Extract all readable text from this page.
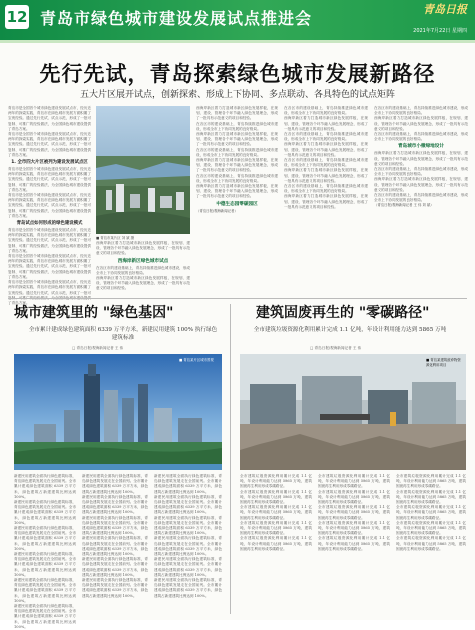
12 青岛市绿色城市建设发展试点推进会	青岛日报
2021年7月22日 星期四
先行先试，青岛探索绿色城市发展新路径
五大片区展开试点，创新探索、形成上下协同、多点联动、各具特色的试点矩阵

青岛市是全国首个城市绿色建设发展试点市，经历近两年的探索实践，青岛市在绿色城市发展方面积累了宝贵经验。通过先行先试、试点示范，形成了一批可复制、可推广的经验做法，为全国绿色城市建设提供了青岛方案。

青岛市是全国首个城市绿色建设发展试点市，经历近两年的探索实践，青岛市在绿色城市发展方面积累了宝贵经验。通过先行先试、试点示范，形成了一批可复制、可推广的经验做法，为全国绿色城市建设提供了青岛方案。

1. 全市四大片区被列为建设发展试点区

青岛市是全国首个城市绿色建设发展试点市，经历近两年的探索实践，青岛市在绿色城市发展方面积累了宝贵经验。通过先行先试、试点示范，形成了一批可复制、可推广的经验做法，为全国绿色城市建设提供了青岛方案。

青岛市是全国首个城市绿色建设发展试点市，经历近两年的探索实践，青岛市在绿色城市发展方面积累了宝贵经验。通过先行先试、试点示范，形成了一批可复制、可推广的经验做法，为全国绿色城市建设提供了青岛方案。

青岛试点如何形成的绿色建设模式

青岛市是全国首个城市绿色建设发展试点市，经历近两年的探索实践，青岛市在绿色城市发展方面积累了宝贵经验。通过先行先试、试点示范，形成了一批可复制、可推广的经验做法，为全国绿色城市建设提供了青岛方案。

青岛市是全国首个城市绿色建设发展试点市，经历近两年的探索实践，青岛市在绿色城市发展方面积累了宝贵经验。通过先行先试、试点示范，形成了一批可复制、可推广的经验做法，为全国绿色城市建设提供了青岛方案。

青岛市是全国首个城市绿色建设发展试点市，经历近两年的探索实践，青岛市在绿色城市发展方面积累了宝贵经验。通过先行先试、试点示范，形成了一批可 了青岛方案。

■ 青岛市某片区 刘 斌 摄

西海岸新区着力打造城市新区绿色发展样板，在规划、建设、管理各个环节融入绿色发展理念，形成了一批具有示范意义的项目和经验。

西海岸新区绿色城市试点

在各区市的建设基础上，青岛持续推进绿色城市建设，形成全市上下协同发展的良好格局。

西海岸新区着力打造城市新区绿色发展样板，在规划、建设、管理各个环节融入绿色发展理念，形成了一批具有示范意义的项目和经验。

西海岸新区着力打造城市新区绿色发展样板，在规划、建设、管理各个环节融入绿色发展理念，形成了一批具有示范意义的项目和经验。

在各区市的建设基础上，青岛持续推进绿色城市建设，形成全市上下协同发展的良好格局。

西海岸新区着力打造城市新区绿色发展样板，在规划、建设、管理各个环节融入绿色发展理念，形成了一批具有示范意义的项目和经验。

在各区市的建设基础上，青岛持续推进绿色城市建设，形成全市上下协同发展的良好格局。

西海岸新区着力打造城市新区绿色发展样板，在规划、建设、管理各个环节融入绿色发展理念，形成了一批具有示范意义的项目和经验。

在各区市的建设基础上，青岛持续推进绿色城市建设，形成全市上下协同发展的良好格局。

西海岸新区着力打造城市新区绿色发展样板，在规划、建设、管理各个环节融入绿色发展理念，形成了一批具有示范意义的项目和经验。

中德生态园零碳园区
（青岛日报/观海新闻记者）

在各区市的建设基础上，青岛持续推进绿色城市建设，形成全市上下协同发展的良好格局。

西海岸新区着力打造城市新区绿色发展样板，在规划、建设、管理各个环节融入绿色发展理念，形成了一批具有示范意义的项目和经验。

在各区市的建设基础上，青岛持续推进绿色城市建设，形成全市上下协同发展的良好格局。

西海岸新区着力打造城市新区绿色发展样板，在规划、建设、管理各个环节融入绿色发展理念，形成了一批具有示范意义的项目和经验。

在各区市的建设基础上，青岛持续推进绿色城市建设，形成全市上下协同发展的良好格局。

西海岸新区着力打造城市新区绿色发展样板，在规划、建设、管理各个环节融入绿色发展理念，形成了一批具有示范意义的项目和经验。

在各区市的建设基础上，青岛持续推进绿色城市建设，形成全市上下协同发展的良好格局。

西海岸新区着力打造城市新区绿色发展样板，在规划、建设、管理各个环节融入绿色发展理念，形成了一批具有示范意义的项目和经验。

在各区市的建设基础上，青岛持续推进绿色城市建设，形成全市上下协同发展的良好格局。

西海岸新区着力打造城市新区绿色发展样板，在规划、建设、管理各个环节融入绿色发展理念，形成了一批具有示范意义的项目和经验。

在各区市的建设基础上，青岛持续推进绿色城市建设，形成全市上下协同发展的良好格局。

青岛城市小微绿地设计

西海岸新区着力打造城市新区绿色发展样板，在规划、建设、管理各个环节融入绿色发展理念，形成了一批具有示范意义的项目和经验。

在各区市的建设基础上，青岛持续推进绿色城市建设，形成全市上下协同发展的良好格局。

西海岸新区着力打造城市新区绿色发展样板，在规划、建设、管理各个环节融入绿色发展理念，形成了一批具有示范意义的项目和经验。

在各区市的建设基础上，青岛持续推进绿色城市建设，形成全市上下协同发展的良好格局。

（青岛日报/观海新闻记者 王 伟 刘 斌）
城市建筑里的 "绿色基因"
全市累计建成绿色建筑面积 6339 万平方米，新建民用建筑 100% 执行绿色建筑标准
□ 青岛日报/观海新闻记者 王 伟
■ 青岛某片区城市景观

新建民用建筑全面执行绿色建筑标准，青岛绿色建筑发展走在全国前列。全市累计建成绿色建筑面积 6339 万平方米，绿色建筑占新建建筑比例达到 100%。

新建民用建筑全面执行绿色建筑标准，青岛绿色建筑发展走在全国前列。全市累计建成绿色建筑面积 6339 万平方米，绿色建筑占新建建筑比例达到 100%。

新建民用建筑全面执行绿色建筑标准，青岛绿色建筑发展走在全国前列。全市累计建成绿色建筑面积 6339 万平方米，绿色建筑占新建建筑比例达到 100%。

新建民用建筑全面执行绿色建筑标准，青岛绿色建筑发展走在全国前列。全市累计建成绿色建筑面积 6339 万平方米，绿色建筑占新建建筑比例达到 100%。

新建民用建筑全面执行绿色建筑标准，青岛绿色建筑发展走在全国前列。全市累计建成绿色建筑面积 6339 万平方米，绿色建筑占新建建筑比例达到 100%。

新建民用建筑全面执行绿色建筑标准，青岛绿色建筑发展走在全国前列。全市累计建成绿色建筑面积 6339 万平方米，绿色建筑占新建建筑比例达到 100%。

新建民用建筑全面执行绿色建筑标准，青岛绿色建筑发展走在全国前列。全市累计建成绿色建筑面积 6339 万平方米，绿色建筑占新建建筑比例达到 100%。

新建民用建筑全面执行绿色建筑标准，青岛绿色建筑发展走在全国前列。全市累计建成绿色建筑面积 6339 万平方米，绿色建筑占新建建筑比例达到 100%。

新建民用建筑全面执行绿色建筑标准，青岛绿色建筑发展走在全国前列。全市累计建成绿色建筑面积 6339 万平方米，绿色建筑占新建建筑比例达到 100%。

新建民用建筑全面执行绿色建筑标准，青岛绿色建筑发展走在全国前列。全市累计建成绿色建筑面积 6339 万平方米，绿色建筑占新建建筑比例达到 100%。

新建民用建筑全面执行绿色建筑标准，青岛绿色建筑发展走在全国前列。全市累计建成绿色建筑面积 6339 万平方米，绿色建筑占新建建筑比例达到 100%。

新建民用建筑全面执行绿色建筑标准，青岛绿色建筑发展走在全国前列。全市累计建成绿色建筑面积 6339 万平方米，绿色建筑占新建建筑比例达到 100%。

新建民用建筑全面执行绿色建筑标准，青岛绿色建筑发展走在全国前列。全市累计建成绿色建筑面积 6339 万平方米，绿色建筑占新建建筑比例达到 100%。

新建民用建筑全面执行绿色建筑标准，青岛绿色建筑发展走在全国前列。全市累计建成绿色建筑面积 6339 万平方米，绿色建筑占新建建筑比例达到 100%。

新建民用建筑全面执行绿色建筑标准，青岛绿色建筑发展走在全国前列。全市累计建成绿色建筑面积 6339 万平方米，绿色建筑占新建建筑比例达到 100%。

新建民用建筑全面执行绿色建筑标准，青岛绿色建筑发展走在全国前列。全市累计建成绿色建筑面积 6339 万平方米，绿色建筑占新建建筑比例达到 100%。

新建民用建筑全面执行绿色建筑标准，青岛绿色建筑发展走在全国前列。全市累计建成绿色建筑面积 6339 万平方米，绿色建筑占新建建筑比例达到 100%。

新建民用建筑全面执行绿色建筑标准，青岛绿色建筑发展走在全国前列。全市累计建成绿色建筑面积 6339 万平方米，绿色建筑占新建建筑比例达到 100%。

建筑固废再生的 "零碳路径"
全市建筑垃圾资源化利用累计完成 1.1 亿吨，年设计利用能力达到 5865 万吨
□ 青岛日报/观海新闻记者 王 伟
■ 青岛某建筑废弃物资源化利用项目

全市建筑垃圾资源化利用累计完成 1.1 亿吨，年设计利用能力达到 5865 万吨，建筑固废再生利用形成零碳路径。

全市建筑垃圾资源化利用累计完成 1.1 亿吨，年设计利用能力达到 5865 万吨，建筑固废再生利用形成零碳路径。

全市建筑垃圾资源化利用累计完成 1.1 亿吨，年设计利用能力达到 5865 万吨，建筑固废再生利用形成零碳路径。

全市建筑垃圾资源化利用累计完成 1.1 亿吨，年设计利用能力达到 5865 万吨，建筑固废再生利用形成零碳路径。

全市建筑垃圾资源化利用累计完成 1.1 亿吨，年设计利用能力达到 5865 万吨，建筑固废再生利用形成零碳路径。

全市建筑垃圾资源化利用累计完成 1.1 亿吨，年设计利用能力达到 5865 万吨，建筑固废再生利用形成零碳路径。

全市建筑垃圾资源化利用累计完成 1.1 亿吨，年设计利用能力达到 5865 万吨，建筑固废再生利用形成零碳路径。

全市建筑垃圾资源化利用累计完成 1.1 亿吨，年设计利用能力达到 5865 万吨，建筑固废再生利用形成零碳路径。

全市建筑垃圾资源化利用累计完成 1.1 亿吨，年设计利用能力达到 5865 万吨，建筑固废再生利用形成零碳路径。

全市建筑垃圾资源化利用累计完成 1.1 亿吨，年设计利用能力达到 5865 万吨，建筑固废再生利用形成零碳路径。

全市建筑垃圾资源化利用累计完成 1.1 亿吨，年设计利用能力达到 5865 万吨，建筑固废再生利用形成零碳路径。

全市建筑垃圾资源化利用累计完成 1.1 亿吨，年设计利用能力达到 5865 万吨，建筑固废再生利用形成零碳路径。

全市建筑垃圾资源化利用累计完成 1.1 亿吨，年设计利用能力达到 5865 万吨，建筑固废再生利用形成零碳路径。

全市建筑垃圾资源化利用累计完成 1.1 亿吨，年设计利用能力达到 5865 万吨，建筑固废再生利用形成零碳路径。

全市建筑垃圾资源化利用累计完成 1.1 亿吨，年设计利用能力达到 5865 万吨，建筑固废再生利用形成零碳路径。
